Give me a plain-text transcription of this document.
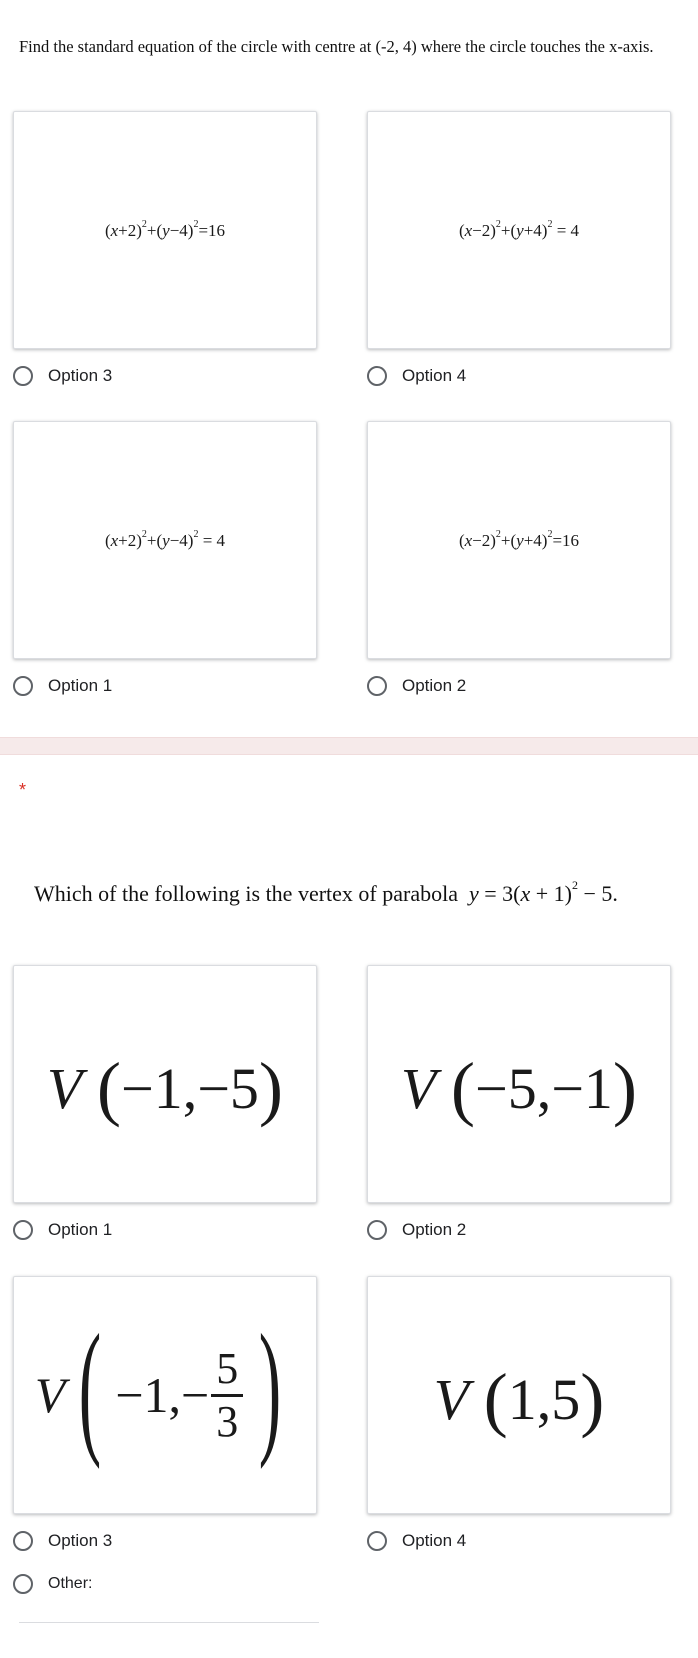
Find the standard equation of the circle with centre at (-2, 4) where the circle touches the x-axis.
$(x+2)^2+(y-4)^2=16$	$(x-2)^2+(y+4)^2 = 4$
Option 3	Option 4
$(x+2)^2+(y-4)^2 = 4$	$(x-2)^2+(y+4)^2=16$
Option 1	Option 2
*
Which of the following is the vertex of parabola $y = 3(x + 1)^2 - 5$.
V (−1,−5) V (−5,−1)
Option 1	Option 2
V ( $-1,- \frac{5}{3}$ )	V (1,5)
Option 3	Option 4
Other:
